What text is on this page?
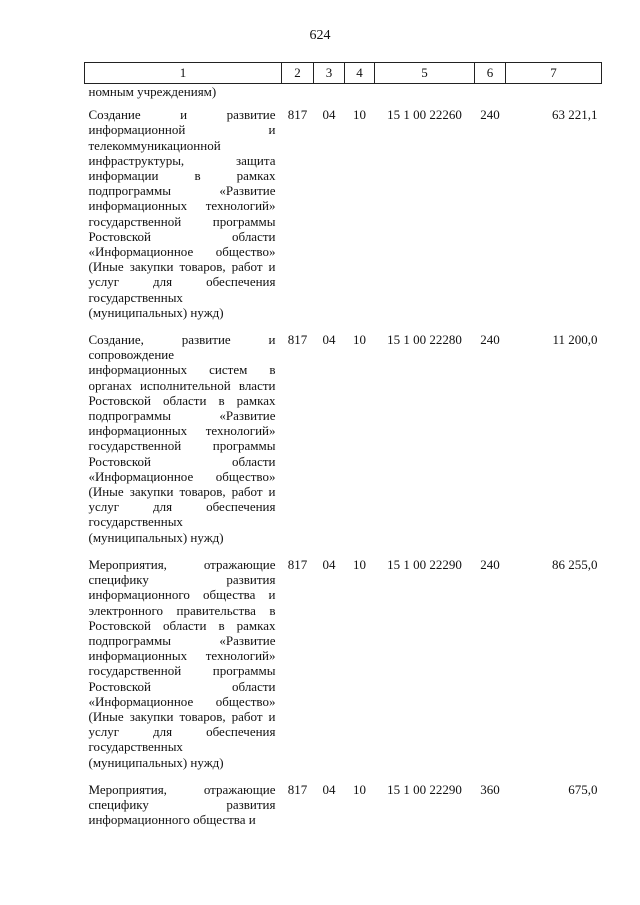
624
1	2	3	4	5	6	7
номным учреждениям)						
Создание и развитие информационной и телекоммуникационной инфраструктуры, защита информации в рамках подпрограммы «Развитие информационных технологий» государственной программы Ростовской области «Информационное общество» (Иные закупки товаров, работ и услуг для обеспечения государственных (муниципальных) нужд)	817	04	10	15 1 00 22260	240	63 221,1
Создание, развитие и сопровождение информационных систем в органах исполнительной власти Ростовской области в рамках подпрограммы «Развитие информационных технологий» государственной программы Ростовской области «Информационное общество» (Иные закупки товаров, работ и услуг для обеспечения государственных (муниципальных) нужд)	817	04	10	15 1 00 22280	240	11 200,0
Мероприятия, отражающие специфику развития информационного общества и электронного правительства в Ростовской области в рамках подпрограммы «Развитие информационных технологий» государственной программы Ростовской области «Информационное общество» (Иные закупки товаров, работ и услуг для обеспечения государственных (муниципальных) нужд)	817	04	10	15 1 00 22290	240	86 255,0
Мероприятия, отражающие специфику развития информационного общества и	817	04	10	15 1 00 22290	360	675,0
